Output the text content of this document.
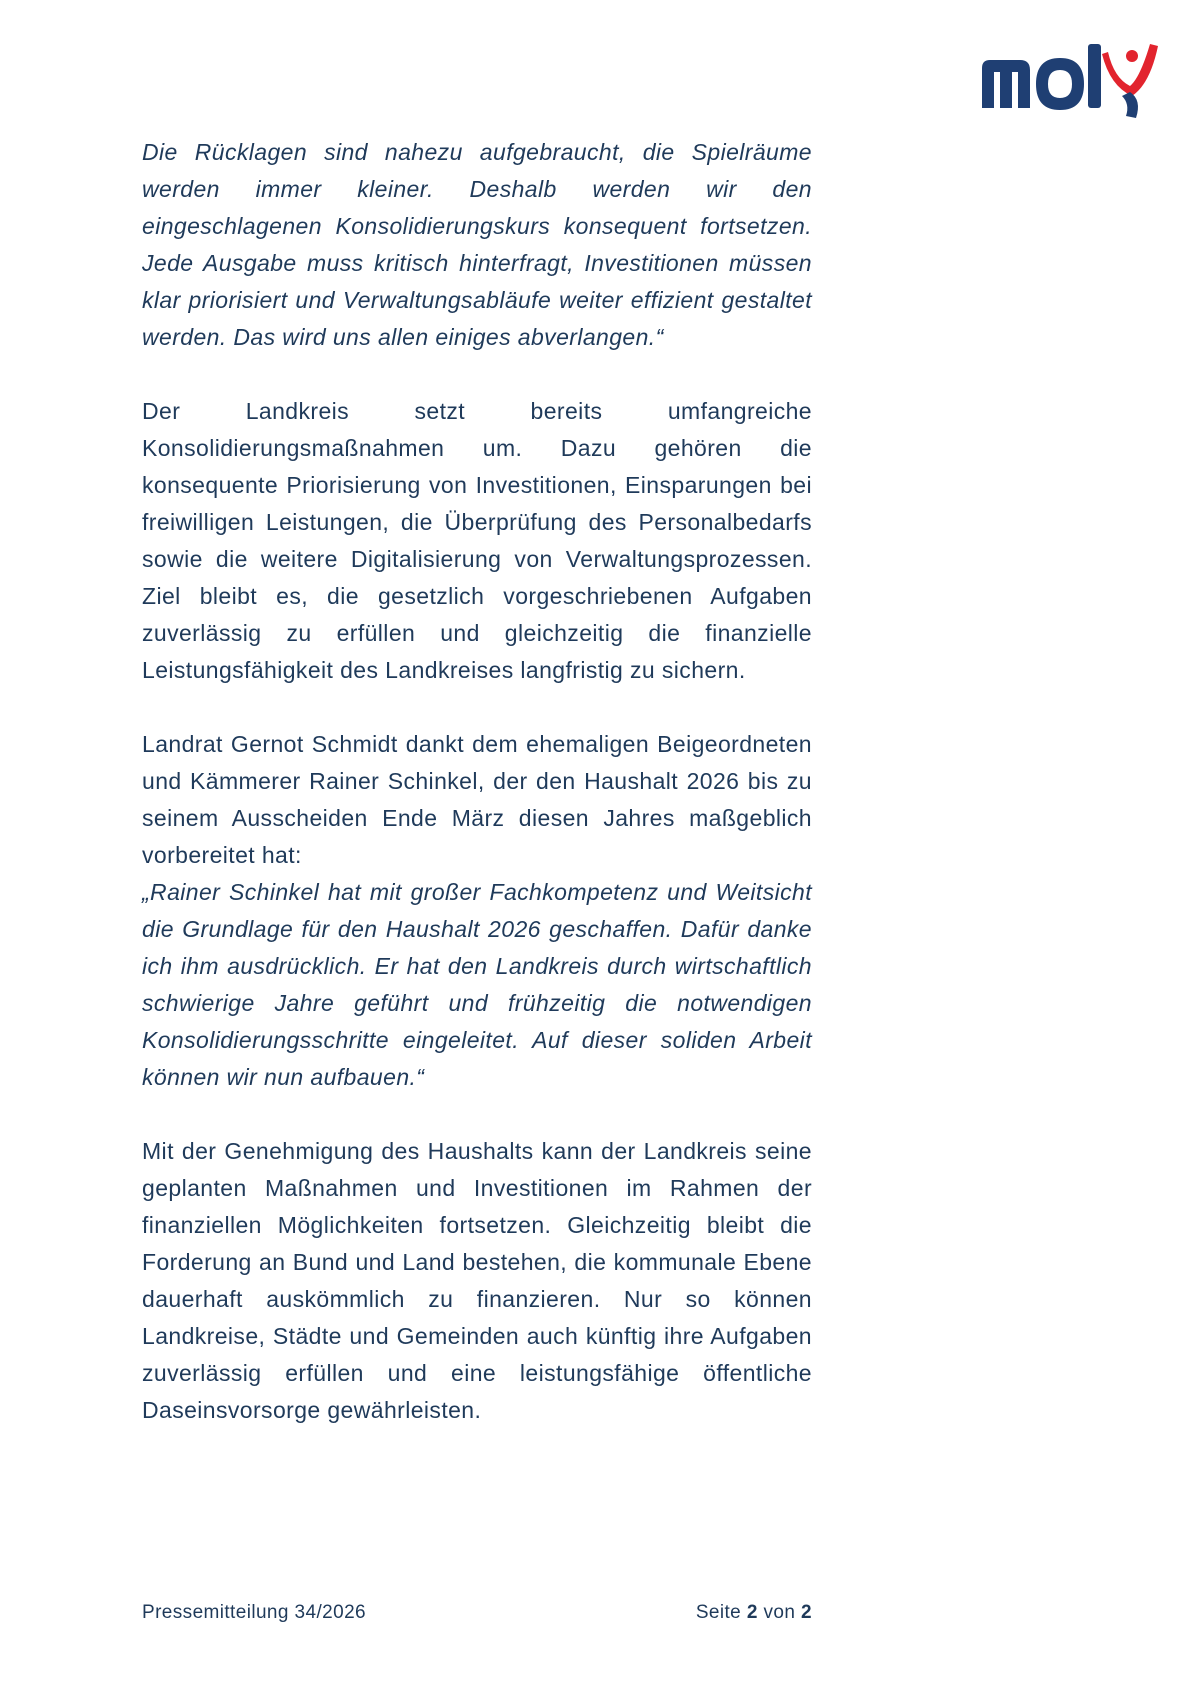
Die Rücklagen sind nahezu aufgebraucht, die Spielräume werden immer kleiner. Deshalb werden wir den eingeschlagenen Konsolidierungskurs konsequent fortsetzen. Jede Ausgabe muss kritisch hinterfragt, Investitionen müssen klar priorisiert und Verwaltungsabläufe weiter effizient gestaltet werden. Das wird uns allen einiges abverlangen.“

Der Landkreis setzt bereits umfangreiche Konsolidierungsmaßnahmen um. Dazu gehören die konsequente Priorisierung von Investitionen, Einsparungen bei freiwilligen Leistungen, die Überprüfung des Personalbedarfs sowie die weitere Digitalisierung von Verwaltungsprozessen. Ziel bleibt es, die gesetzlich vorgeschriebenen Aufgaben zuverlässig zu erfüllen und gleichzeitig die finanzielle Leistungsfähigkeit des Landkreises langfristig zu sichern.

Landrat Gernot Schmidt dankt dem ehemaligen Beigeordneten und Kämmerer Rainer Schinkel, der den Haushalt 2026 bis zu seinem Ausscheiden Ende März diesen Jahres maßgeblich vorbereitet hat:
„Rainer Schinkel hat mit großer Fachkompetenz und Weitsicht die Grundlage für den Haushalt 2026 geschaffen. Dafür danke ich ihm ausdrücklich. Er hat den Landkreis durch wirtschaftlich schwierige Jahre geführt und frühzeitig die notwendigen Konsolidierungsschritte eingeleitet. Auf dieser soliden Arbeit können wir nun aufbauen.“

Mit der Genehmigung des Haushalts kann der Landkreis seine geplanten Maßnahmen und Investitionen im Rahmen der finanziellen Möglichkeiten fortsetzen. Gleichzeitig bleibt die Forderung an Bund und Land bestehen, die kommunale Ebene dauerhaft auskömmlich zu finanzieren. Nur so können Landkreise, Städte und Gemeinden auch künftig ihre Aufgaben zuverlässig erfüllen und eine leistungsfähige öffentliche Daseinsvorsorge gewährleisten.

Pressemitteilung 34/2026	Seite 2 von 2
